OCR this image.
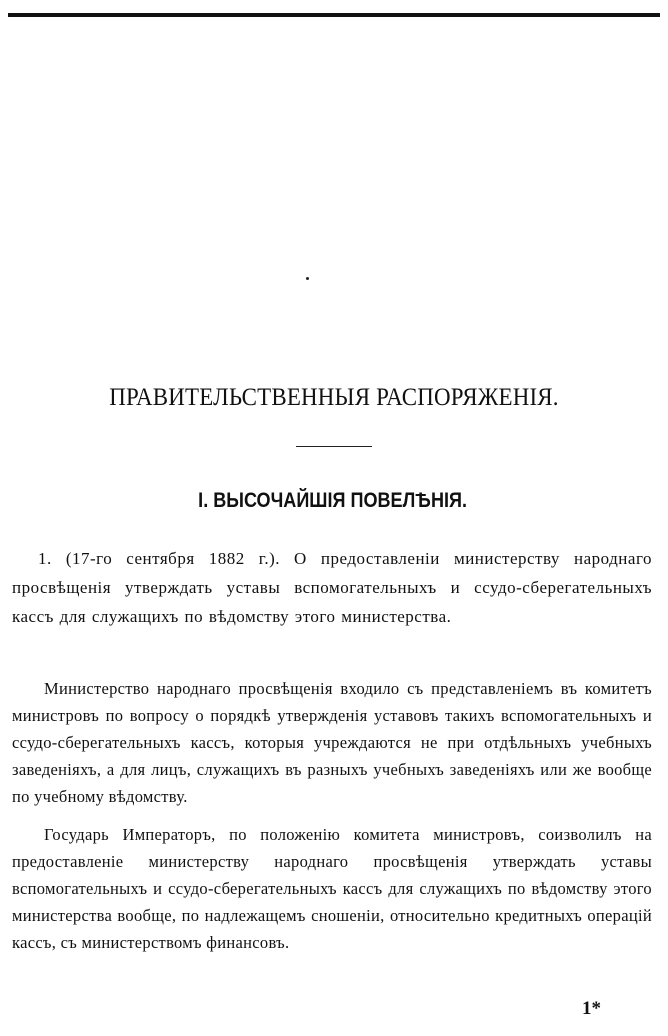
ПРАВИТЕЛЬСТВЕННЫЯ РАСПОРЯЖЕНІЯ.
I. ВЫСОЧАЙШІЯ ПОВЕЛѢНІЯ.
1. (17-го сентября 1882 г.). О предоставленіи министерству народнаго просвѣщенія утверждать уставы вспомогательныхъ и ссудо-сберегательныхъ кассъ для служащихъ по вѣдомству этого министерства.
Министерство народнаго просвѣщенія входило съ представленіемъ въ комитетъ министровъ по вопросу о порядкѣ утвержденія уставовъ такихъ вспомогательныхъ и ссудо-сберегательныхъ кассъ, которыя учреждаются не при отдѣльныхъ учебныхъ заведеніяхъ, а для лицъ, служащихъ въ разныхъ учебныхъ заведеніяхъ или же вообще по учебному вѣдомству.
Государь Императоръ, по положенію комитета министровъ, соизволилъ на предоставленіе министерству народнаго просвѣщенія утверждать уставы вспомогательныхъ и ссудо-сберегательныхъ кассъ для служащихъ по вѣдомству этого министерства вообще, по надлежащемъ сношеніи, относительно кредитныхъ операцій кассъ, съ министерствомъ финансовъ.
1*
